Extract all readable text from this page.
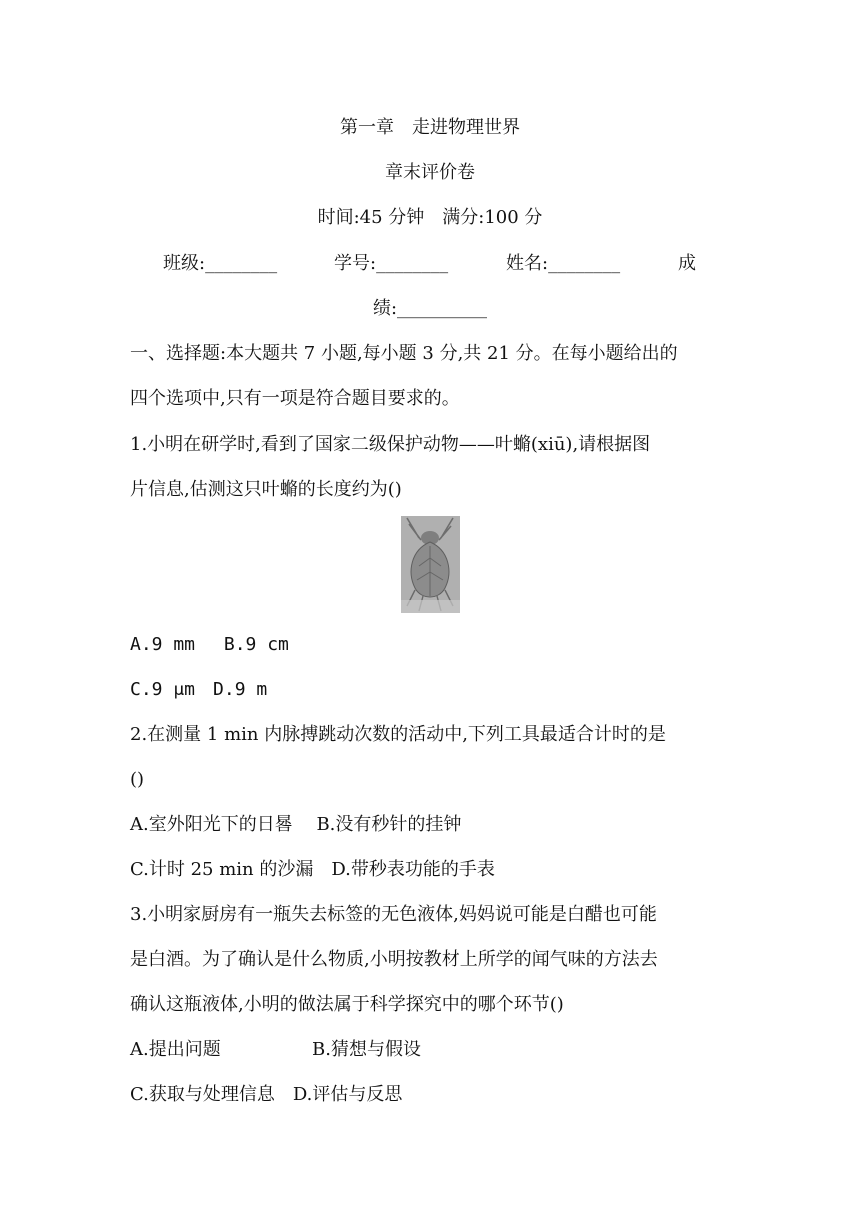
第一章　走进物理世界
章末评价卷
时间:45 分钟　满分:100 分
班级:________	学号:________	姓名:________	成
绩:__________
一、选择题:本大题共 7 小题,每小题 3 分,共 21 分。在每小题给出的
四个选项中,只有一项是符合题目要求的。
1.小明在研学时,看到了国家二级保护动物——叶䗛(xiū),请根据图
片信息,估测这只叶䗛的长度约为()
A.9 mm　 B.9 cm
C.9 μm　D.9 m
2.在测量 1 min 内脉搏跳动次数的活动中,下列工具最适合计时的是
()
A.室外阳光下的日晷　 B.没有秒针的挂钟
C.计时 25 min 的沙漏　D.带秒表功能的手表
3.小明家厨房有一瓶失去标签的无色液体,妈妈说可能是白醋也可能
是白酒。为了确认是什么物质,小明按教材上所学的闻气味的方法去
确认这瓶液体,小明的做法属于科学探究中的哪个环节()
A.提出问题	B.猜想与假设
C.获取与处理信息　D.评估与反思
